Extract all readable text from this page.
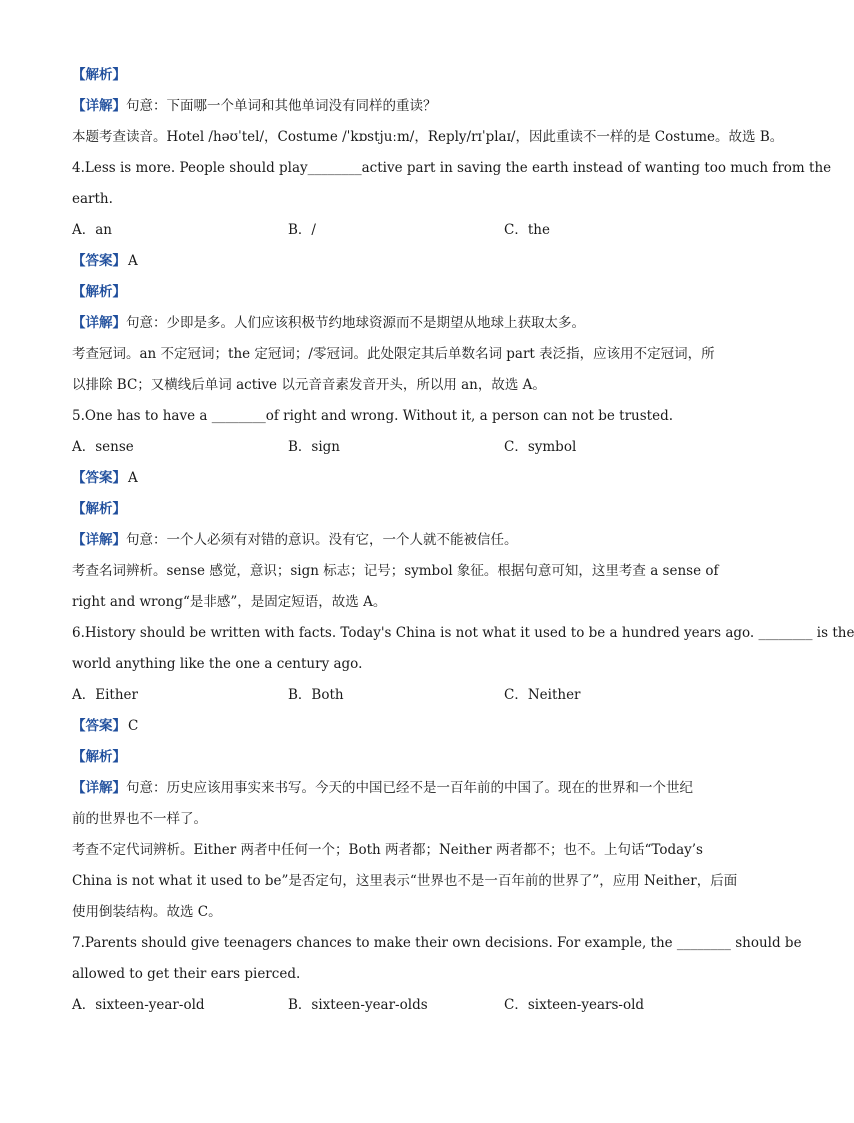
【解析】
【详解】句意：下面哪一个单词和其他单词没有同样的重读？
本题考查读音。Hotel /həʊˈtel/，Costume /ˈkɒstjuːm/，Reply/rɪˈplaɪ/，因此重读不一样的是 Costume。故选 B。
4.Less is more. People should play________active part in saving the earth instead of wanting too much from the
earth.
A．an	B．/	C．the
【答案】 A
【解析】
【详解】句意：少即是多。人们应该积极节约地球资源而不是期望从地球上获取太多。
考查冠词。an 不定冠词；the 定冠词；/零冠词。此处限定其后单数名词 part 表泛指，应该用不定冠词，所
以排除 BC；又横线后单词 active 以元音音素发音开头，所以用 an，故选 A。
5.One has to have a ________of right and wrong. Without it, a person can not be trusted.
A．sense	B．sign	C．symbol
【答案】 A
【解析】
【详解】句意：一个人必须有对错的意识。没有它，一个人就不能被信任。
考查名词辨析。sense 感觉，意识；sign 标志；记号；symbol 象征。根据句意可知，这里考查 a sense of
right and wrong“是非感”，是固定短语，故选 A。
6.History should be written with facts. Today's China is not what it used to be a hundred years ago. ________ is the
world anything like the one a century ago.
A．Either	B．Both	C．Neither
【答案】 C
【解析】
【详解】句意：历史应该用事实来书写。今天的中国已经不是一百年前的中国了。现在的世界和一个世纪
前的世界也不一样了。
考查不定代词辨析。Either 两者中任何一个；Both 两者都；Neither 两者都不；也不。上句话“Today’s
China is not what it used to be”是否定句，这里表示“世界也不是一百年前的世界了”，应用 Neither，后面
使用倒装结构。故选 C。
7.Parents should give teenagers chances to make their own decisions. For example, the ________ should be
allowed to get their ears pierced.
A．sixteen-year-old	B．sixteen-year-olds	C．sixteen-years-old
